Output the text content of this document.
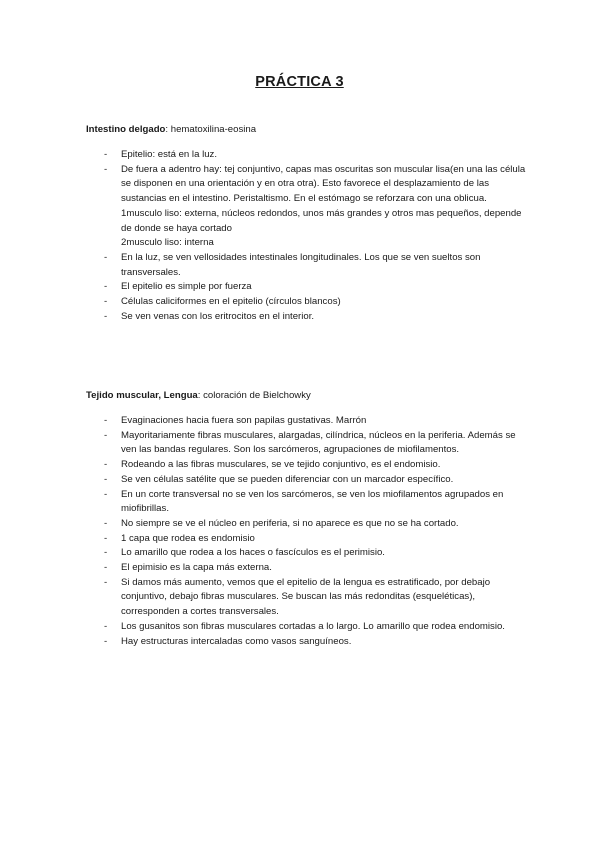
PRÁCTICA 3

Intestino delgado: hematoxilina-eosina

- Epitelio: está en la luz.
- De fuera a adentro hay: tej conjuntivo, capas mas oscuritas son muscular lisa(en una las célula se disponen en una orientación y en otra otra). Esto favorece el desplazamiento de las sustancias en el intestino. Peristaltismo. En el estómago se reforzara con una oblicua.
1musculo liso: externa, núcleos redondos, unos más grandes y otros mas pequeños, depende de donde se haya cortado
2musculo liso: interna
- En la luz, se ven vellosidades intestinales longitudinales. Los que se ven sueltos son transversales.
- El epitelio es simple por fuerza
- Células caliciformes en el epitelio (círculos blancos)
- Se ven venas con los eritrocitos en el interior.

Tejido muscular, Lengua: coloración de Bielchowky

- Evaginaciones hacia fuera son papilas gustativas. Marrón
- Mayoritariamente fibras musculares, alargadas, cilíndrica, núcleos en la periferia. Además se ven las bandas regulares. Son los sarcómeros, agrupaciones de miofilamentos.
- Rodeando a las fibras musculares, se ve tejido conjuntivo, es el endomisio.
- Se ven células satélite que se pueden diferenciar con un marcador específico.
- En un corte transversal no se ven los sarcómeros, se ven los miofilamentos agrupados en miofibrillas.
- No siempre se ve el núcleo en periferia, si no aparece es que no se ha cortado.
- 1 capa que rodea es endomisio
- Lo amarillo que rodea a los haces o fascículos es el perimisio.
- El epimisio es la capa más externa.
- Si damos más aumento, vemos que el epitelio de la lengua es estratificado, por debajo conjuntivo, debajo fibras musculares. Se buscan las más redonditas (esqueléticas), corresponden a cortes transversales.
- Los gusanitos son fibras musculares cortadas a lo largo. Lo amarillo que rodea endomisio.
- Hay estructuras intercaladas como vasos sanguíneos.
